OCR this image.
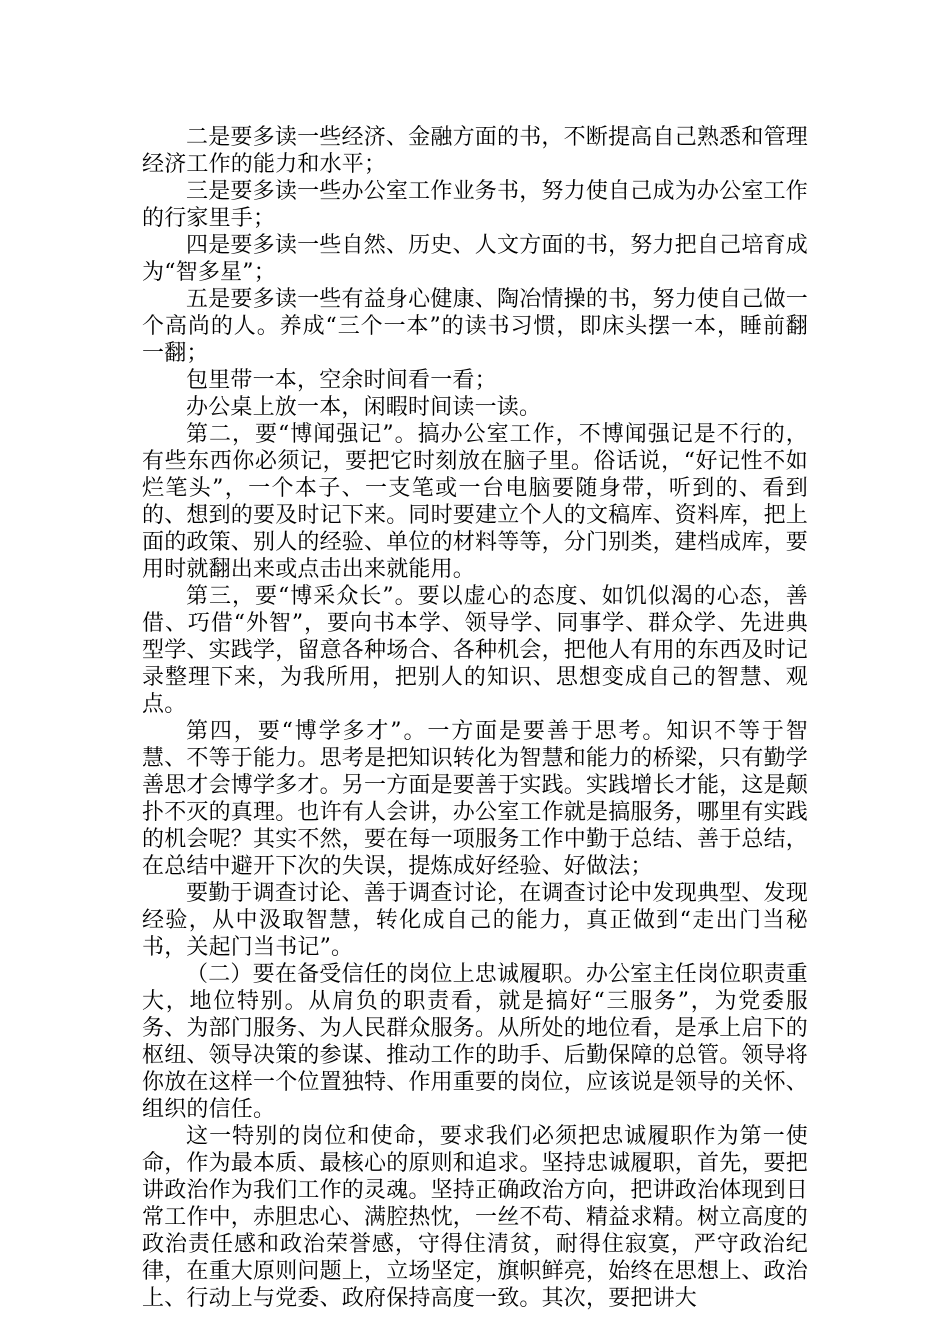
二是要多读一些经济、金融方面的书，不断提高自己熟悉和管理经济工作的能力和水平；

三是要多读一些办公室工作业务书，努力使自己成为办公室工作的行家里手；

四是要多读一些自然、历史、人文方面的书，努力把自己培育成为“智多星”；

五是要多读一些有益身心健康、陶冶情操的书，努力使自己做一个高尚的人。养成“三个一本”的读书习惯，即床头摆一本，睡前翻一翻；

包里带一本，空余时间看一看；

办公桌上放一本，闲暇时间读一读。

第二，要“博闻强记”。搞办公室工作，不博闻强记是不行的，有些东西你必须记，要把它时刻放在脑子里。俗话说，“好记性不如烂笔头”，一个本子、一支笔或一台电脑要随身带，听到的、看到的、想到的要及时记下来。同时要建立个人的文稿库、资料库，把上面的政策、别人的经验、单位的材料等等，分门别类，建档成库，要用时就翻出来或点击出来就能用。

第三，要“博采众长”。要以虚心的态度、如饥似渴的心态，善借、巧借“外智”，要向书本学、领导学、同事学、群众学、先进典型学、实践学，留意各种场合、各种机会，把他人有用的东西及时记录整理下来，为我所用，把别人的知识、思想变成自己的智慧、观点。

第四，要“博学多才”。一方面是要善于思考。知识不等于智慧、不等于能力。思考是把知识转化为智慧和能力的桥梁，只有勤学善思才会博学多才。另一方面是要善于实践。实践增长才能，这是颠扑不灭的真理。也许有人会讲，办公室工作就是搞服务，哪里有实践的机会呢？其实不然，要在每一项服务工作中勤于总结、善于总结，在总结中避开下次的失误，提炼成好经验、好做法；

要勤于调查讨论、善于调查讨论，在调查讨论中发现典型、发现经验，从中汲取智慧，转化成自己的能力，真正做到“走出门当秘书，关起门当书记”。

（二）要在备受信任的岗位上忠诚履职。办公室主任岗位职责重大，地位特别。从肩负的职责看，就是搞好“三服务”，为党委服务、为部门服务、为人民群众服务。从所处的地位看，是承上启下的枢纽、领导决策的参谋、推动工作的助手、后勤保障的总管。领导将你放在这样一个位置独特、作用重要的岗位，应该说是领导的关怀、组织的信任。

这一特别的岗位和使命，要求我们必须把忠诚履职作为第一使命，作为最本质、最核心的原则和追求。坚持忠诚履职，首先，要把讲政治作为我们工作的灵魂。坚持正确政治方向，把讲政治体现到日常工作中，赤胆忠心、满腔热忱，一丝不苟、精益求精。树立高度的政治责任感和政治荣誉感，守得住清贫，耐得住寂寞，严守政治纪律，在重大原则问题上，立场坚定，旗帜鲜亮，始终在思想上、政治上、行动上与党委、政府保持高度一致。其次，要把讲大
